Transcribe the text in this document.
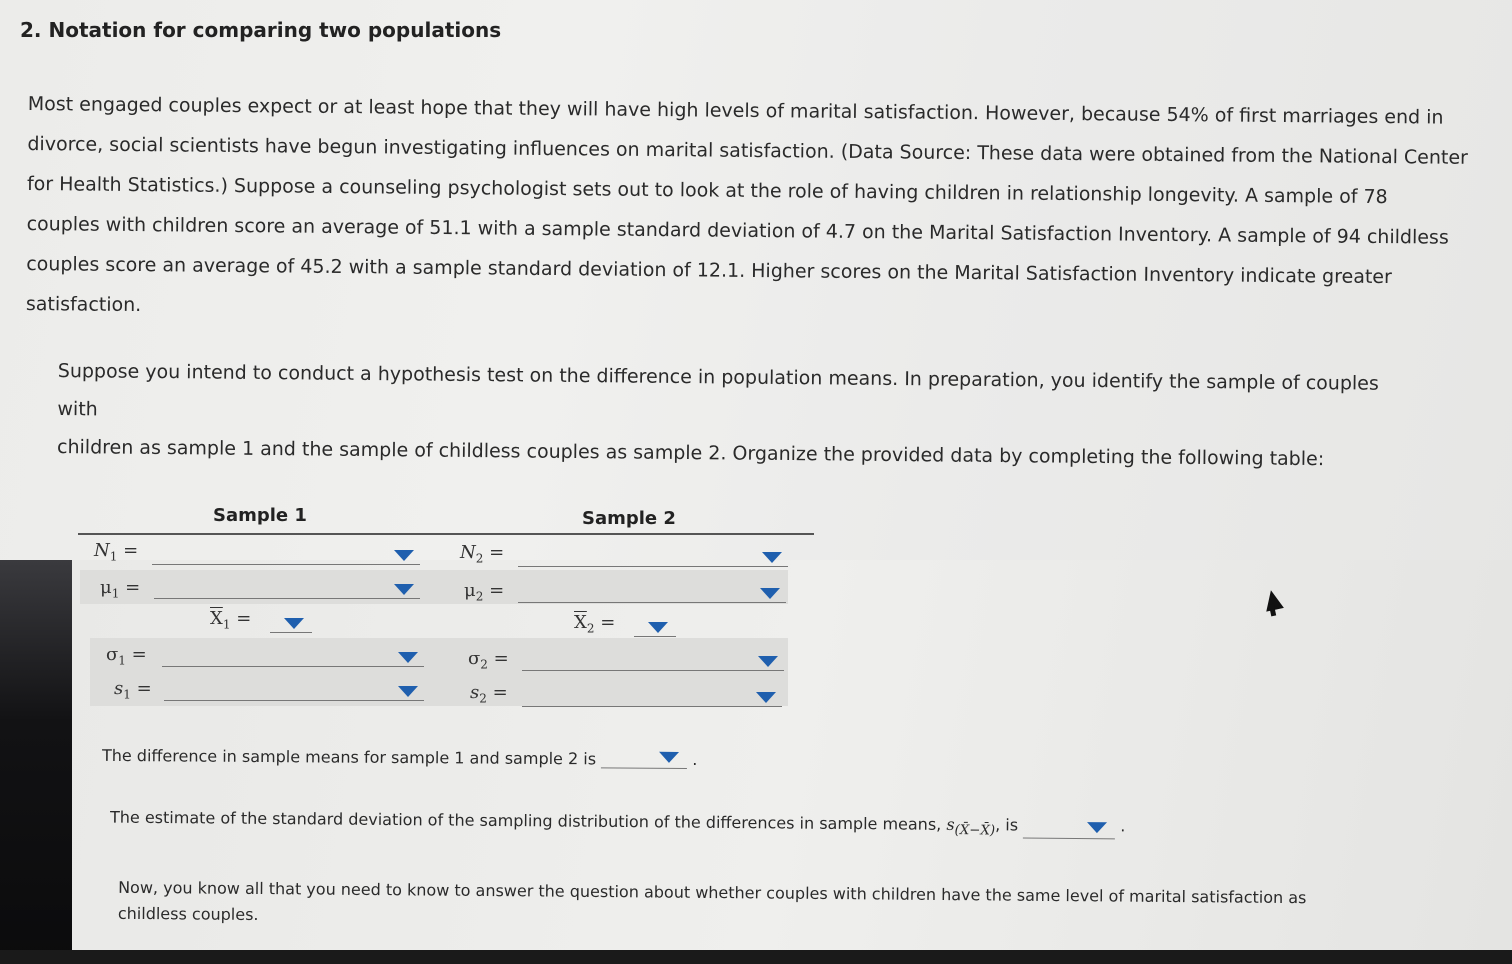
2. Notation for comparing two populations

Most engaged couples expect or at least hope that they will have high levels of marital satisfaction. However, because 54% of first marriages end in

divorce, social scientists have begun investigating influences on marital satisfaction. (Data Source: These data were obtained from the National Center

for Health Statistics.) Suppose a counseling psychologist sets out to look at the role of having children in relationship longevity. A sample of 78

couples with children score an average of 51.1 with a sample standard deviation of 4.7 on the Marital Satisfaction Inventory. A sample of 94 childless

couples score an average of 45.2 with a sample standard deviation of 12.1. Higher scores on the Marital Satisfaction Inventory indicate greater

satisfaction.

Suppose you intend to conduct a hypothesis test on the difference in population means. In preparation, you identify the sample of couples with

children as sample 1 and the sample of childless couples as sample 2. Organize the provided data by completing the following table:

Sample 1	Sample 2
$N_1$ =	$N_2$ =
$\mu_1$ =	$\mu_2$ =
$\overline{X}_1$ =	$\overline{X}_2$ =
$\sigma_1$ =	$\sigma_2$ =
$s_1$ =	$s_2$ =
The difference in sample means for sample 1 and sample 2 is	.
The estimate of the standard deviation of the sampling distribution of the differences in sample means, $s_{(X̄-X̄)}$, is	.

Now, you know all that you need to know to answer the question about whether couples with children have the same level of marital satisfaction as

childless couples.
